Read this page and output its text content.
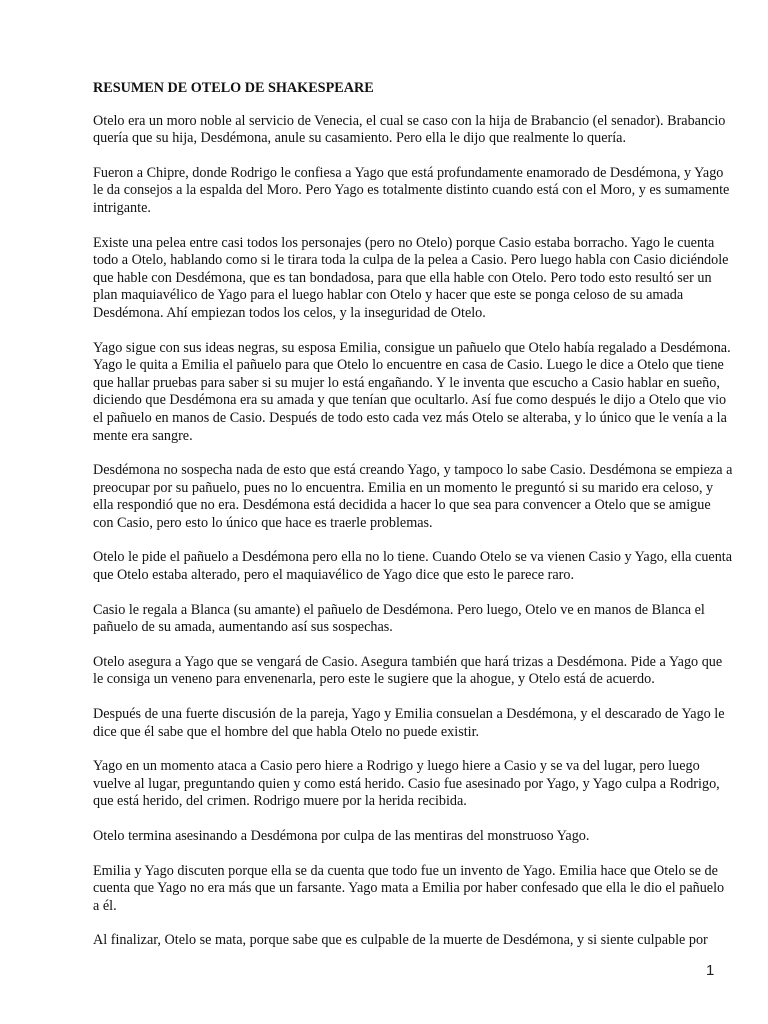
RESUMEN DE OTELO DE SHAKESPEARE

Otelo era un moro noble al servicio de Venecia, el cual se caso con la hija de Brabancio (el senador). Brabancio quería que su hija, Desdémona, anule su casamiento. Pero ella le dijo que realmente lo quería.

Fueron a Chipre, donde Rodrigo le confiesa a Yago que está profundamente enamorado de Desdémona, y Yago le da consejos a la espalda del Moro. Pero Yago es totalmente distinto cuando está con el Moro, y es sumamente intrigante.

Existe una pelea entre casi todos los personajes (pero no Otelo) porque Casio estaba borracho. Yago le cuenta todo a Otelo, hablando como si le tirara toda la culpa de la pelea a Casio. Pero luego habla con Casio diciéndole que hable con Desdémona, que es tan bondadosa, para que ella hable con Otelo. Pero todo esto resultó ser un plan maquiavélico de Yago para el luego hablar con Otelo y hacer que este se ponga celoso de su amada Desdémona. Ahí empiezan todos los celos, y la inseguridad de Otelo.

Yago sigue con sus ideas negras, su esposa Emilia, consigue un pañuelo que Otelo había regalado a Desdémona. Yago le quita a Emilia el pañuelo para que Otelo lo encuentre en casa de Casio. Luego le dice a Otelo que tiene que hallar pruebas para saber si su mujer lo está engañando. Y le inventa que escucho a Casio hablar en sueño, diciendo que Desdémona era su amada y que tenían que ocultarlo. Así fue como después le dijo a Otelo que vio el pañuelo en manos de Casio. Después de todo esto cada vez más Otelo se alteraba, y lo único que le venía a la mente era sangre.

Desdémona no sospecha nada de esto que está creando Yago, y tampoco lo sabe Casio. Desdémona se empieza a preocupar por su pañuelo, pues no lo encuentra. Emilia en un momento le preguntó si su marido era celoso, y ella respondió que no era. Desdémona está decidida a hacer lo que sea para convencer a Otelo que se amigue con Casio, pero esto lo único que hace es traerle problemas.

Otelo le pide el pañuelo a Desdémona pero ella no lo tiene. Cuando Otelo se va vienen Casio y Yago, ella cuenta que Otelo estaba alterado, pero el maquiavélico de Yago dice que esto le parece raro.

Casio le regala a Blanca (su amante) el pañuelo de Desdémona. Pero luego, Otelo ve en manos de Blanca el pañuelo de su amada, aumentando así sus sospechas.

Otelo asegura a Yago que se vengará de Casio. Asegura también que hará trizas a Desdémona. Pide a Yago que le consiga un veneno para envenenarla, pero este le sugiere que la ahogue, y Otelo está de acuerdo.

Después de una fuerte discusión de la pareja, Yago y Emilia consuelan a Desdémona, y el descarado de Yago le dice que él sabe que el hombre del que habla Otelo no puede existir.

Yago en un momento ataca a Casio pero hiere a Rodrigo y luego hiere a Casio y se va del lugar, pero luego vuelve al lugar, preguntando quien y como está herido. Casio fue asesinado por Yago, y Yago culpa a Rodrigo, que está herido, del crimen. Rodrigo muere por la herida recibida.

Otelo termina asesinando a Desdémona por culpa de las mentiras del monstruoso Yago.

Emilia y Yago discuten porque ella se da cuenta que todo fue un invento de Yago. Emilia hace que Otelo se de cuenta que Yago no era más que un farsante. Yago mata a Emilia por haber confesado que ella le dio el pañuelo a él.

Al finalizar, Otelo se mata, porque sabe que es culpable de la muerte de Desdémona, y si siente culpable por

1
